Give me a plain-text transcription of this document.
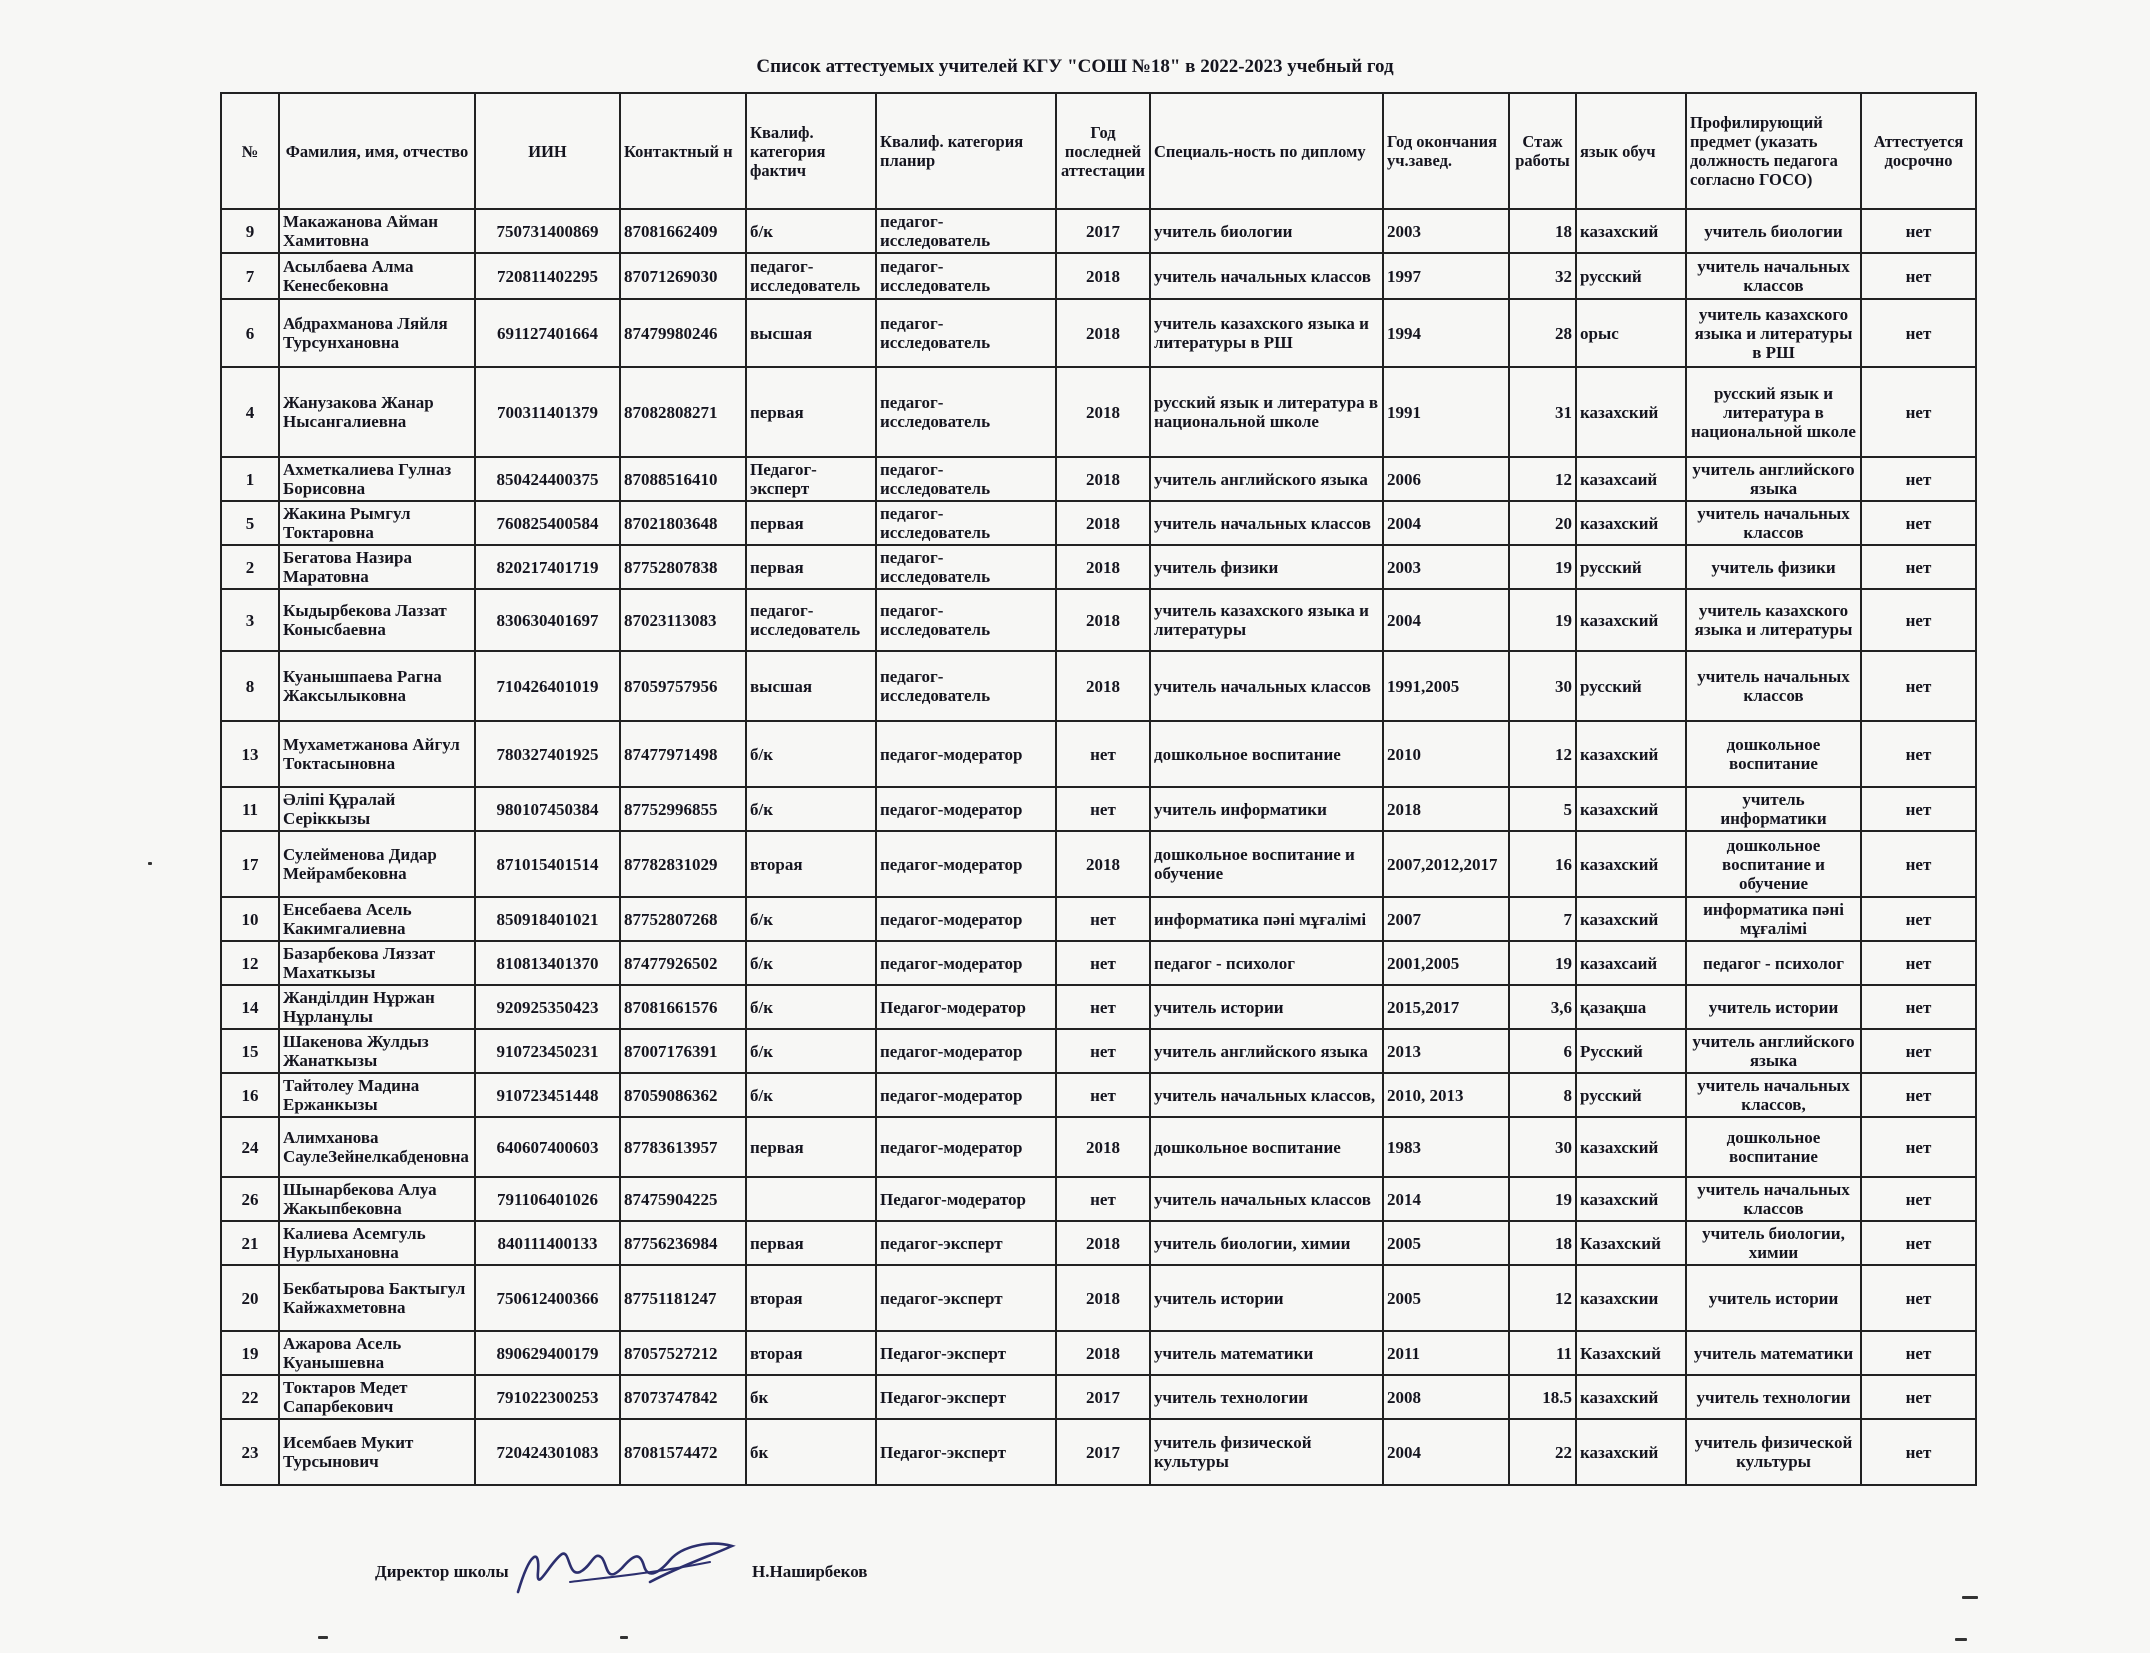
Список аттестуемых учителей КГУ "СОШ №18" в 2022-2023 учебный год
№	Фамилия, имя, отчество	ИИН	Контактный н	Квалиф. категория фактич	Квалиф. категория планир	Год последней аттестации	Специаль-ность по диплому	Год окончания уч.завед.	Стаж работы	язык обуч	Профилирующий предмет (указать должность педагога согласно ГОСО)	Аттестуется досрочно
9	Макажанова Айман Хамитовна	750731400869	87081662409	б/к	педагог-исследователь	2017	учитель биологии	2003	18	казахский	учитель биологии	нет
7	Асылбаева Алма Кенесбековна	720811402295	87071269030	педагог-исследователь	педагог-исследователь	2018	учитель начальных классов	1997	32	русский	учитель начальных классов	нет
6	Абдрахманова Ляйля Турсунхановна	691127401664	87479980246	высшая	педагог-исследователь	2018	учитель казахского языка и литературы в РШ	1994	28	орыс	учитель казахского языка и литературы в РШ	нет
4	Жанузакова Жанар Нысангалиевна	700311401379	87082808271	первая	педагог-исследователь	2018	русский язык и литература в национальной школе	1991	31	казахский	русский язык и литература в национальной школе	нет
1	Ахметкалиева Гулназ Борисовна	850424400375	87088516410	Педагог-эксперт	педагог-исследователь	2018	учитель английского языка	2006	12	казахсаий	учитель английского языка	нет
5	Жакина Рымгул Токтаровна	760825400584	87021803648	первая	педагог-исследователь	2018	учитель начальных классов	2004	20	казахский	учитель начальных классов	нет
2	Бегатова Назира Маратовна	820217401719	87752807838	первая	педагог-исследователь	2018	учитель физики	2003	19	русский	учитель физики	нет
3	Кыдырбекова Лаззат Конысбаевна	830630401697	87023113083	педагог-исследователь	педагог-исследователь	2018	учитель казахского языка и литературы	2004	19	казахский	учитель казахского языка и литературы	нет
8	Куанышпаева Рагна Жаксылыковна	710426401019	87059757956	высшая	педагог-исследователь	2018	учитель начальных классов	1991,2005	30	русский	учитель начальных классов	нет
13	Мухаметжанова Айгул Токтасыновна	780327401925	87477971498	б/к	педагог-модератор	нет	дошкольное воспитание	2010	12	казахский	дошкольное воспитание	нет
11	Әліпі Құралай Серіккызы	980107450384	87752996855	б/к	педагог-модератор	нет	учитель информатики	2018	5	казахский	учитель информатики	нет
17	Сулейменова Дидар Мейрамбековна	871015401514	87782831029	вторая	педагог-модератор	2018	дошкольное воспитание и обучение	2007,2012,2017	16	казахский	дошкольное воспитание и обучение	нет
10	Енсебаева Асель Какимгалиевна	850918401021	87752807268	б/к	педагог-модератор	нет	информатика пәні мұғалімі	2007	7	казахский	информатика пәні мұғалімі	нет
12	Базарбекова Ляззат Махаткызы	810813401370	87477926502	б/к	педагог-модератор	нет	педагог - психолог	2001,2005	19	казахсаий	педагог - психолог	нет
14	Жандiлдин Нұржан Нұрланұлы	920925350423	87081661576	б/к	Педагог-модератор	нет	учитель истории	2015,2017	3,6	қазақша	учитель истории	нет
15	Шакенова Жулдыз Жанаткызы	910723450231	87007176391	б/к	педагог-модератор	нет	учитель английского языка	2013	6	Русский	учитель английского языка	нет
16	Тайтолеу Мадина Ержанкызы	910723451448	87059086362	б/к	педагог-модератор	нет	учитель начальных классов,	2010, 2013	8	русский	учитель начальных классов,	нет
24	Алимханова СаулеЗейнелкабденовна	640607400603	87783613957	первая	педагог-модератор	2018	дошкольное воспитание	1983	30	казахский	дошкольное воспитание	нет
26	Шынарбекова Алуа Жакыпбековна	791106401026	87475904225		Педагог-модератор	нет	учитель начальных классов	2014	19	казахский	учитель начальных классов	нет
21	Калиева Асемгуль Нурлыхановна	840111400133	87756236984	первая	педагог-эксперт	2018	учитель биологии, химии	2005	18	Казахский	учитель биологии, химии	нет
20	Бекбатырова Бактыгул Кайжахметовна	750612400366	87751181247	вторая	педагог-эксперт	2018	учитель истории	2005	12	казахскии	учитель истории	нет
19	Ажарова Асель Куанышевна	890629400179	87057527212	вторая	Педагог-эксперт	2018	учитель математики	2011	11	Казахский	учитель математики	нет
22	Токтаров Медет Сапарбекович	791022300253	87073747842	бк	Педагог-эксперт	2017	учитель технологии	2008	18.5	казахский	учитель технологии	нет
23	Исембаев Мукит Турсынович	720424301083	87081574472	бк	Педагог-эксперт	2017	учитель физической культуры	2004	22	казахский	учитель физической культуры	нет
Директор школы	Н.Наширбеков
